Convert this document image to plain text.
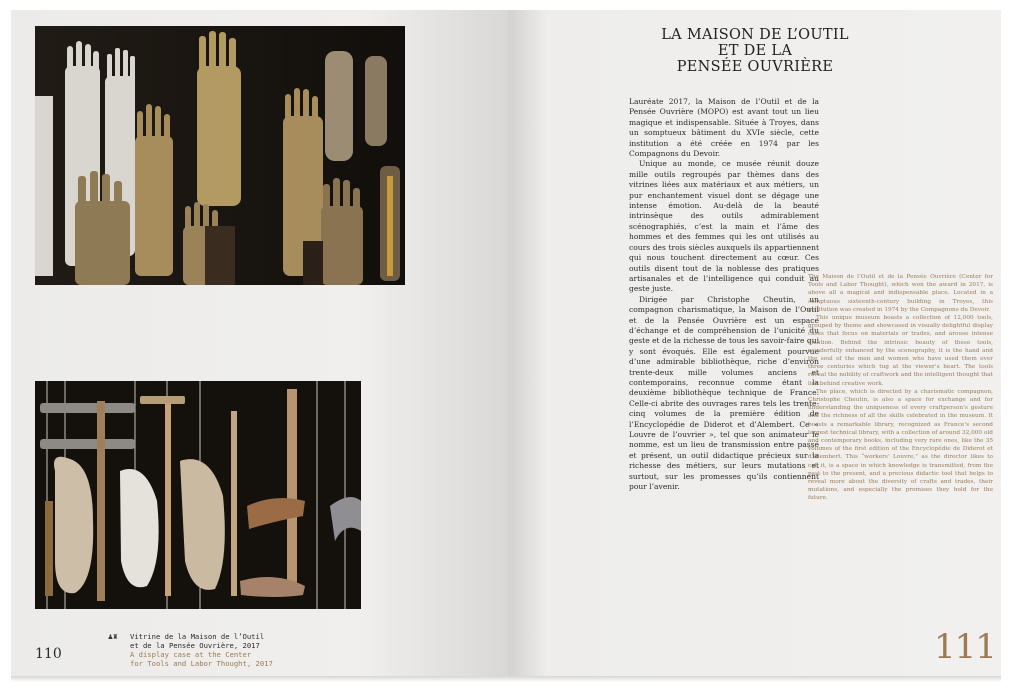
110
♟♜ Vitrine de la Maison de l’Outil
et de la Pensée Ouvrière, 2017
A display case at the Center
for Tools and Labor Thought, 2017
LA MAISON DE L’OUTIL
ET DE LA
PENSÉE OUVRIÈRE

Lauréate 2017, la Maison de l’Outil et de la Pensée Ouvrière (MOPO) est avant tout un lieu magique et indispensable. Située à Troyes, dans un somptueux bâtiment du XVIe siècle, cette institution a été créée en 1974 par les Compagnons du Devoir.

Unique au monde, ce musée réunit douze mille outils regroupés par thèmes dans des vitrines liées aux matériaux et aux métiers, un pur enchantement visuel dont se dégage une intense émotion. Au-delà de la beauté intrinsèque des outils admirablement scénographiés, c’est la main et l’âme des hommes et des femmes qui les ont utilisés au cours des trois siècles auxquels ils appartiennent qui nous touchent directement au cœur. Ces outils disent tout de la noblesse des pratiques artisanales et de l’intelligence qui conduit au geste juste.

Dirigée par Christophe Cheutin, un compagnon charismatique, la Maison de l’Outil et de la Pensée Ouvrière est un espace d’échange et de compréhension de l’unicité du geste et de la richesse de tous les savoir-faire qui y sont évoqués. Elle est également pourvue d’une admirable bibliothèque, riche d’environ trente-deux mille volumes anciens et contemporains, reconnue comme étant la deuxième bibliothèque technique de France. Celle-ci abrite des ouvrages rares tels les trente-cinq volumes de la première édition de l’Encyclopédie de Diderot et d’Alembert. Ce « Louvre de l’ouvrier », tel que son animateur le nomme, est un lieu de transmission entre passé et présent, un outil didactique précieux sur la richesse des métiers, sur leurs mutations et surtout, sur les promesses qu’ils contiennent pour l’avenir.

The Maison de l’Outil et de la Pensée Ouvrière (Center for Tools and Labor Thought), which won the award in 2017, is above all a magical and indispensable place. Located in a sumptuous sixteenth-century building in Troyes, this institution was created in 1974 by the Compagnons du Devoir.

This unique museum boasts a collection of 12,000 tools, grouped by theme and showcased in visually delightful display cases that focus on materials or trades, and arouse intense emotion. Behind the intrinsic beauty of these tools, wonderfully enhanced by the scenography, it is the hand and the soul of the men and women who have used them over three centuries which tug at the viewer’s heart. The tools reveal the nobility of craftwork and the intelligent thought that lies behind creative work.

The place, which is directed by a charismatic compagnon, Christophe Cheutin, is also a space for exchange and for understanding the uniqueness of every craftperson’s gesture and the richness of all the skills celebrated in the museum. It boasts a remarkable library, recognized as France’s second largest technical library, with a collection of around 32,000 old and contemporary books, including very rare ones, like the 35 volumes of the first edition of the Encyclopédie de Diderot et d’Alembert. This “workers’ Louvre,” as the director likes to call it, is a space in which knowledge is transmitted, from the past to the present, and a precious didactic tool that helps to reveal more about the diversity of crafts and trades, their mutations, and especially the promises they hold for the future.

111
